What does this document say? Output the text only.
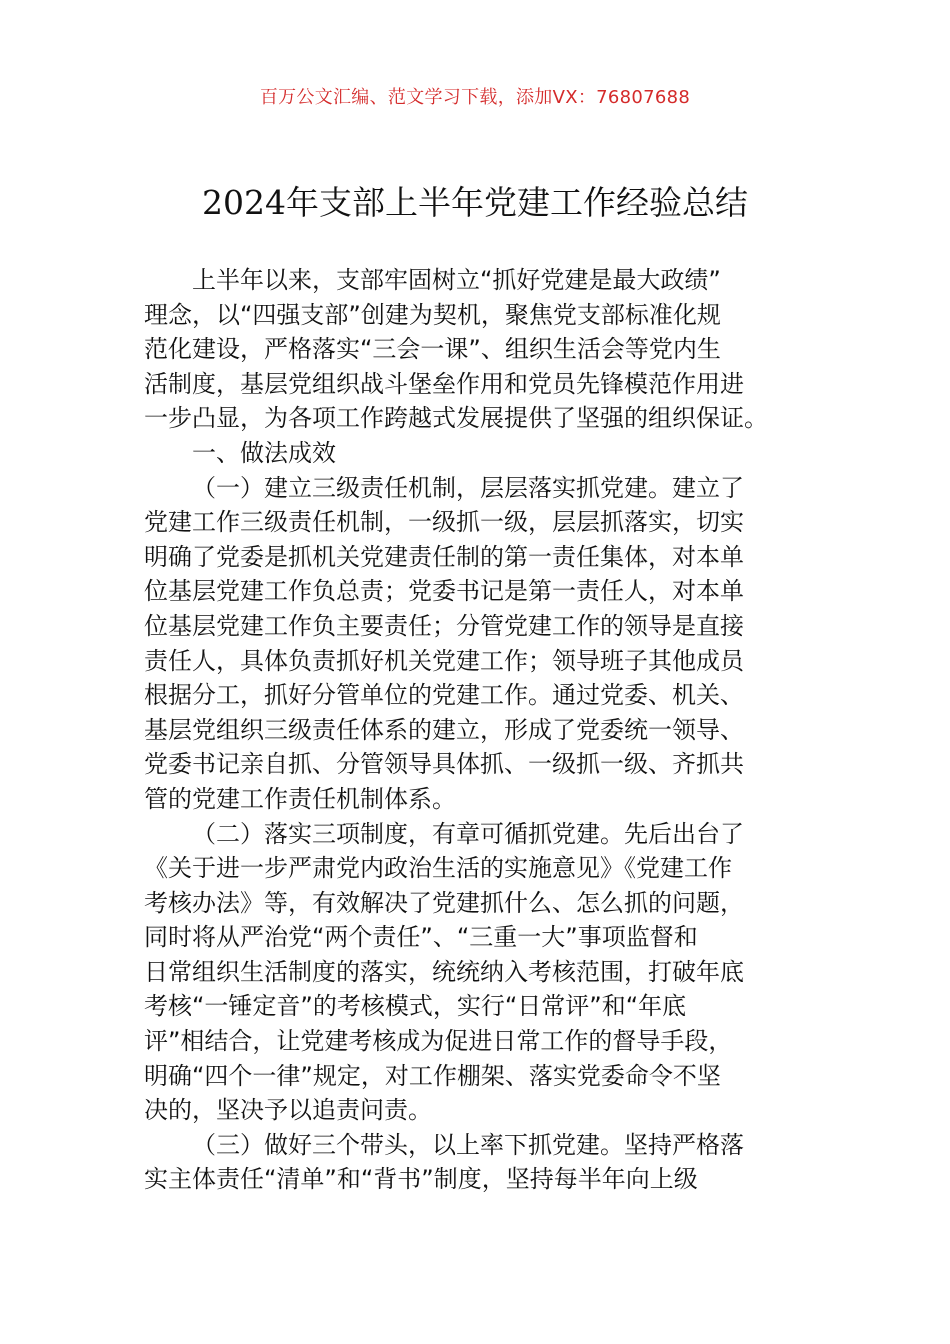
百万公文汇编、范文学习下载，添加VX：76807688
2024年支部上半年党建工作经验总结
上半年以来，支部牢固树立“抓好党建是最大政绩”
理念，以“四强支部”创建为契机，聚焦党支部标准化规
范化建设，严格落实“三会一课”、组织生活会等党内生
活制度，基层党组织战斗堡垒作用和党员先锋模范作用进
一步凸显，为各项工作跨越式发展提供了坚强的组织保证。
一、做法成效
（一）建立三级责任机制，层层落实抓党建。建立了
党建工作三级责任机制，一级抓一级，层层抓落实，切实
明确了党委是抓机关党建责任制的第一责任集体，对本单
位基层党建工作负总责；党委书记是第一责任人，对本单
位基层党建工作负主要责任；分管党建工作的领导是直接
责任人，具体负责抓好机关党建工作；领导班子其他成员
根据分工，抓好分管单位的党建工作。通过党委、机关、
基层党组织三级责任体系的建立，形成了党委统一领导、
党委书记亲自抓、分管领导具体抓、一级抓一级、齐抓共
管的党建工作责任机制体系。
（二）落实三项制度，有章可循抓党建。先后出台了
《关于进一步严肃党内政治生活的实施意见》《党建工作
考核办法》等，有效解决了党建抓什么、怎么抓的问题，
同时将从严治党“两个责任”、“三重一大”事项监督和
日常组织生活制度的落实，统统纳入考核范围，打破年底
考核“一锤定音”的考核模式，实行“日常评”和“年底
评”相结合，让党建考核成为促进日常工作的督导手段，
明确“四个一律”规定，对工作棚架、落实党委命令不坚
决的，坚决予以追责问责。
（三）做好三个带头，以上率下抓党建。坚持严格落
实主体责任“清单”和“背书”制度，坚持每半年向上级
